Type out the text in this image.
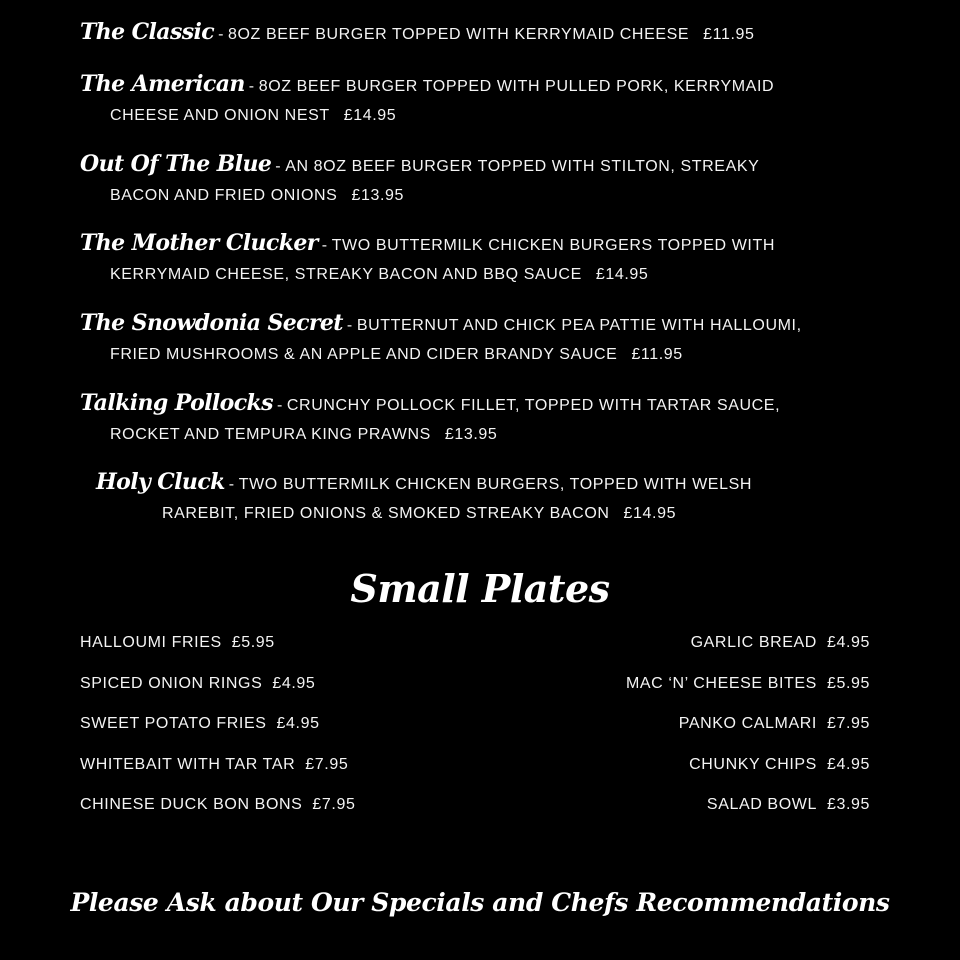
The Classic - 8OZ BEEF BURGER TOPPED WITH KERRYMAID CHEESE £11.95
The American - 8OZ BEEF BURGER TOPPED WITH PULLED PORK, KERRYMAID
CHEESE AND ONION NEST £14.95
Out Of The Blue - AN 8OZ BEEF BURGER TOPPED WITH STILTON, STREAKY
BACON AND FRIED ONIONS £13.95
The Mother Clucker - TWO BUTTERMILK CHICKEN BURGERS TOPPED WITH
KERRYMAID CHEESE, STREAKY BACON AND BBQ SAUCE £14.95
The Snowdonia Secret - BUTTERNUT AND CHICK PEA PATTIE WITH HALLOUMI,
FRIED MUSHROOMS & AN APPLE AND CIDER BRANDY SAUCE £11.95
Talking Pollocks - CRUNCHY POLLOCK FILLET, TOPPED WITH TARTAR SAUCE,
ROCKET AND TEMPURA KING PRAWNS £13.95
Holy Cluck - TWO BUTTERMILK CHICKEN BURGERS, TOPPED WITH WELSH
RAREBIT, FRIED ONIONS & SMOKED STREAKY BACON £14.95
Small Plates
HALLOUMI FRIES £5.95
SPICED ONION RINGS £4.95
SWEET POTATO FRIES £4.95
WHITEBAIT WITH TAR TAR £7.95
CHINESE DUCK BON BONS £7.95
GARLIC BREAD £4.95
MAC ‘N’ CHEESE BITES £5.95
PANKO CALMARI £7.95
CHUNKY CHIPS £4.95
SALAD BOWL £3.95
Please Ask about Our Specials and Chefs Recommendations
